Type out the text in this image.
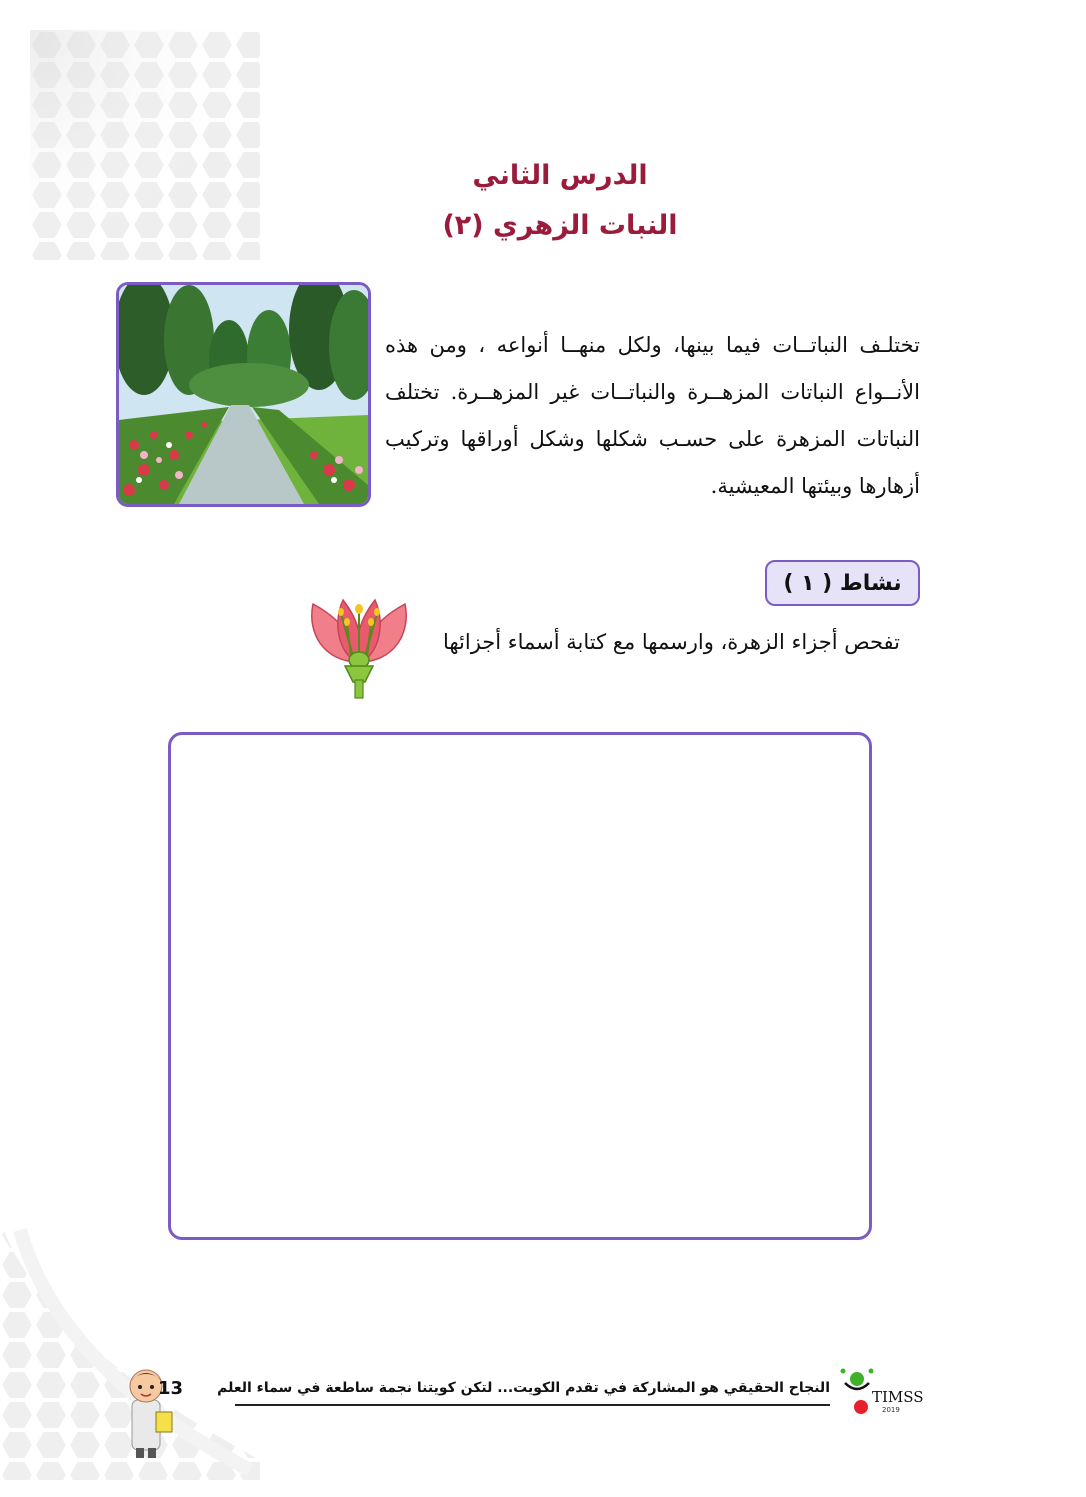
الدرس الثاني
النبات الزهري (٢)
تختلـف النباتــات فيما بينها، ولكل منهــا أنواعه ، ومن هذه الأنــواع النباتات المزهــرة والنباتــات غير المزهــرة. تختلف النباتات المزهرة على حسـب شكلها وشكل أوراقها وتركيب أزهارها وبيئتها المعيشية.
نشاط ( ١ )
تفحص أجزاء الزهرة، وارسمها مع كتابة أسماء أجزائها
13 النجاح الحقيقي هو المشاركة في تقدم الكويت... لتكن كويتنا نجمة ساطعة في سماء العلم	TIMSS
2019
